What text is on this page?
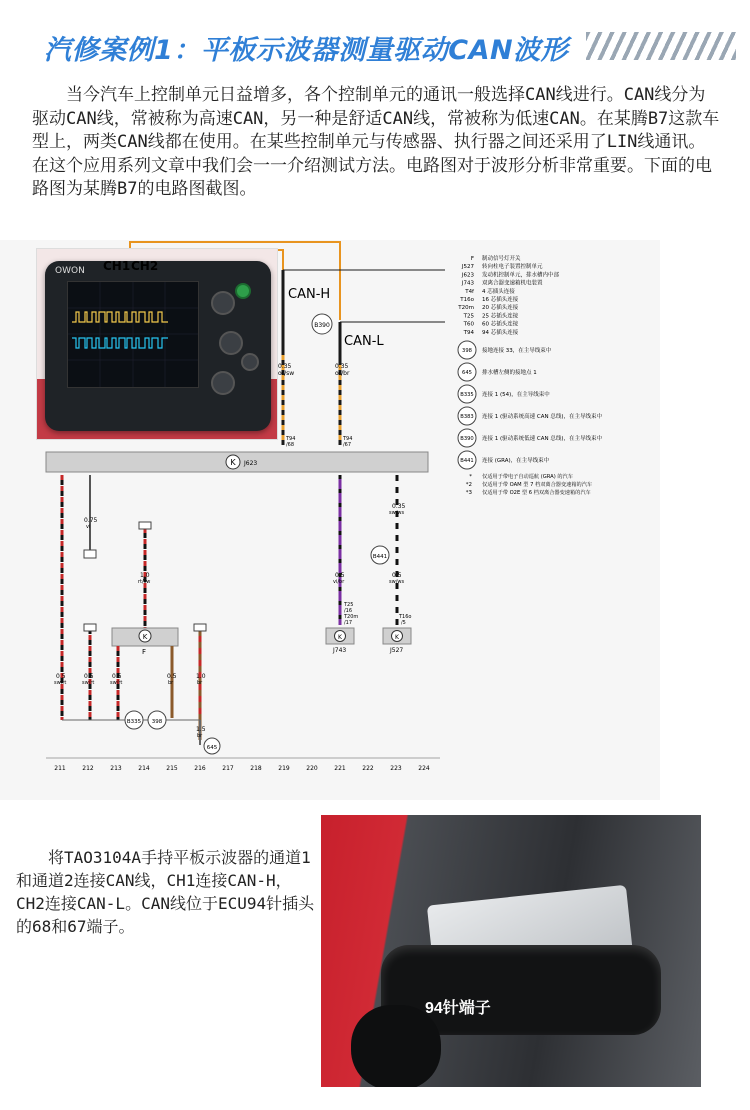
汽修案例1：平板示波器测量驱动CAN波形

当今汽车上控制单元日益增多，各个控制单元的通讯一般选择CAN线进行。CAN线分为驱动CAN线，常被称为高速CAN，另一种是舒适CAN线，常被称为低速CAN。在某腾B7这款车型上，两类CAN线都在使用。在某些控制单元与传感器、执行器之间还采用了LIN线通讯。在这个应用系列文章中我们会一一介绍测试方法。电路图对于波形分析非常重要。下面的电路图为某腾B7的电路图截图。

B390
CAN-H
CAN-L
0.35
or/sw
0.35
or/br
T94
/68
T94
/67
K J623
K
F
B335 398
645
0.5
sw/rt
0.5
sw/rt
0.5
sw/rt
0.5
br
1.0
br
1.5
br
0.75
vi
1.0
rt/sw
0.5
vi/br
T25
/16
T20m
/17
K
J743
B441
0.35
sw/ws
0.5
sw/ws
T16o
/5
K
J527
211	212	213	214	215	216	217	218	219	220	221	222	223	224
F 制动信号灯开关
J527 转向柱电子装置控制单元
J623 发动机控制单元，排水槽内中部
J743 双离合器变速箱机电装置
T4f 4 芯插头连接
T16o 16 芯插头连接
T20m 20 芯插头连接
T25 25 芯插头连接
T60 60 芯插头连接
T94 94 芯插头连接
398 接地连接 33，在主导线束中
645 排水槽左侧的接地点 1
B335 连接 1 (54)，在主导线束中
B383 连接 1 (驱动系统高速 CAN 总线)，在主导线束中
B390 连接 1 (驱动系统低速 CAN 总线)，在主导线束中
B441 连接 (GRA)，在主导线束中
* 仅适用于带电子自动巡航 (GRA) 的汽车
*2 仅适用于带 OAM 型 7 档双离合器变速箱的汽车
*3 仅适用于带 O2E 型 6 档双离合器变速箱的汽车
OWON CH1 CH2

将TAO3104A手持平板示波器的通道1和通道2连接CAN线，CH1连接CAN-H，CH2连接CAN-L。CAN线位于ECU94针插头的68和67端子。

94针端子
